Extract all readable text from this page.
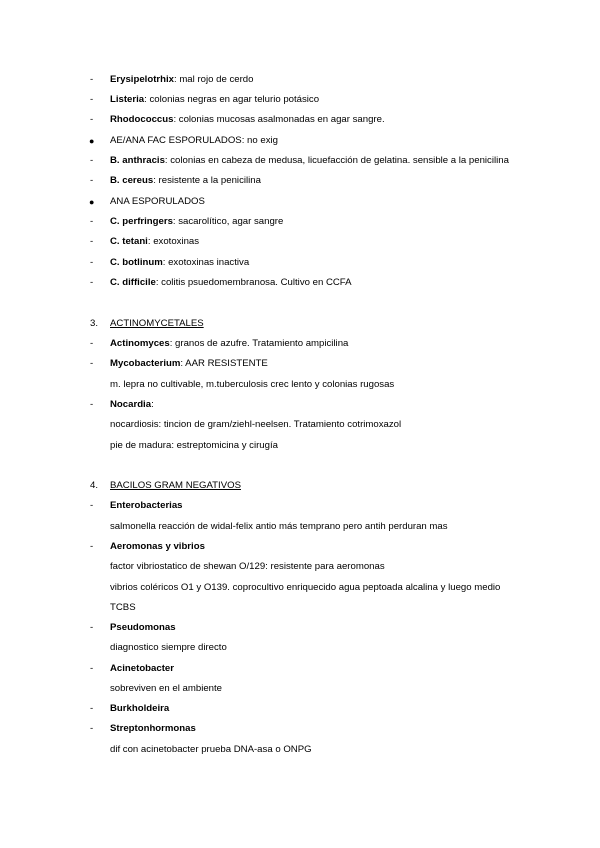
- Erysipelotrhix: mal rojo de cerdo
- Listeria: colonias negras en agar telurio potásico
- Rhodococcus: colonias mucosas asalmonadas en agar sangre.
● AE/ANA FAC ESPORULADOS: no exig
- B. anthracis: colonias en cabeza de medusa, licuefacción de gelatina. sensible a la penicilina
- B. cereus: resistente a la penicilina
● ANA ESPORULADOS
- C. perfringers: sacarolítico, agar sangre
- C. tetani: exotoxinas
- C. botlinum: exotoxinas inactiva
- C. difficile: colitis psuedomembranosa. Cultivo en CCFA
3. ACTINOMYCETALES
- Actinomyces: granos de azufre. Tratamiento ampicilina
- Mycobacterium: AAR RESISTENTE
m. lepra no cultivable, m.tuberculosis crec lento y colonias rugosas
- Nocardia:
nocardiosis: tincion de gram/ziehl-neelsen. Tratamiento cotrimoxazol
pie de madura: estreptomicina y cirugía
4. BACILOS GRAM NEGATIVOS
- Enterobacterias
salmonella reacción de widal-felix antio más temprano pero antih perduran mas
- Aeromonas y vibrios
factor vibriostatico de shewan O/129: resistente para aeromonas
vibrios coléricos O1 y O139. coprocultivo enriquecido agua peptoada alcalina y luego medio
TCBS
- Pseudomonas
diagnostico siempre directo
- Acinetobacter
sobreviven en el ambiente
- Burkholdeira
- Streptonhormonas
dif con acinetobacter prueba DNA-asa o ONPG
